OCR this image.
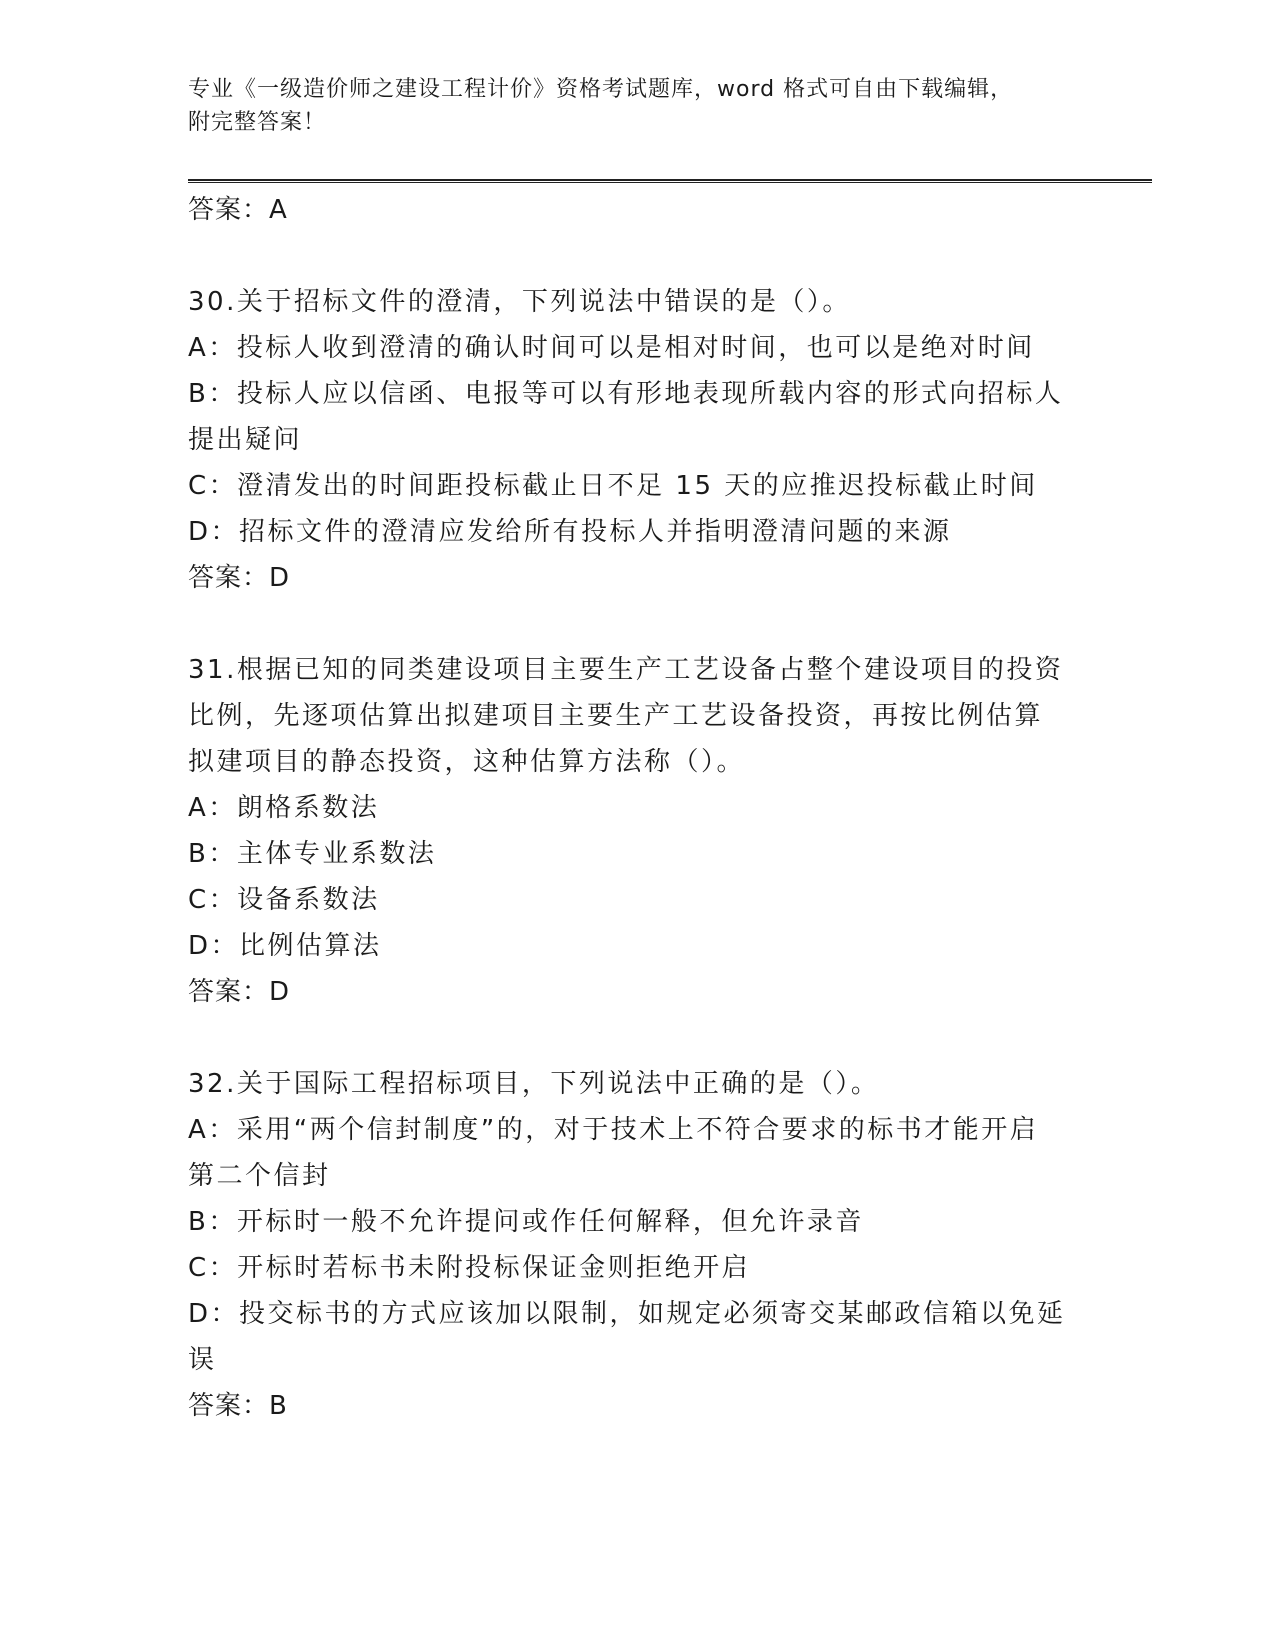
专业《一级造价师之建设工程计价》资格考试题库，word 格式可自由下载编辑，
附完整答案！
答案：A
30.关于招标文件的澄清，下列说法中错误的是（）。
A：投标人收到澄清的确认时间可以是相对时间，也可以是绝对时间
B：投标人应以信函、电报等可以有形地表现所载内容的形式向招标人
提出疑问
C：澄清发出的时间距投标截止日不足 15 天的应推迟投标截止时间
D：招标文件的澄清应发给所有投标人并指明澄清问题的来源
答案：D
31.根据已知的同类建设项目主要生产工艺设备占整个建设项目的投资
比例，先逐项估算出拟建项目主要生产工艺设备投资，再按比例估算
拟建项目的静态投资，这种估算方法称（）。
A：朗格系数法
B：主体专业系数法
C：设备系数法
D：比例估算法
答案：D
32.关于国际工程招标项目，下列说法中正确的是（）。
A：采用“两个信封制度”的，对于技术上不符合要求的标书才能开启
第二个信封
B：开标时一般不允许提问或作任何解释，但允许录音
C：开标时若标书未附投标保证金则拒绝开启
D：投交标书的方式应该加以限制，如规定必须寄交某邮政信箱以免延
误
答案：B
